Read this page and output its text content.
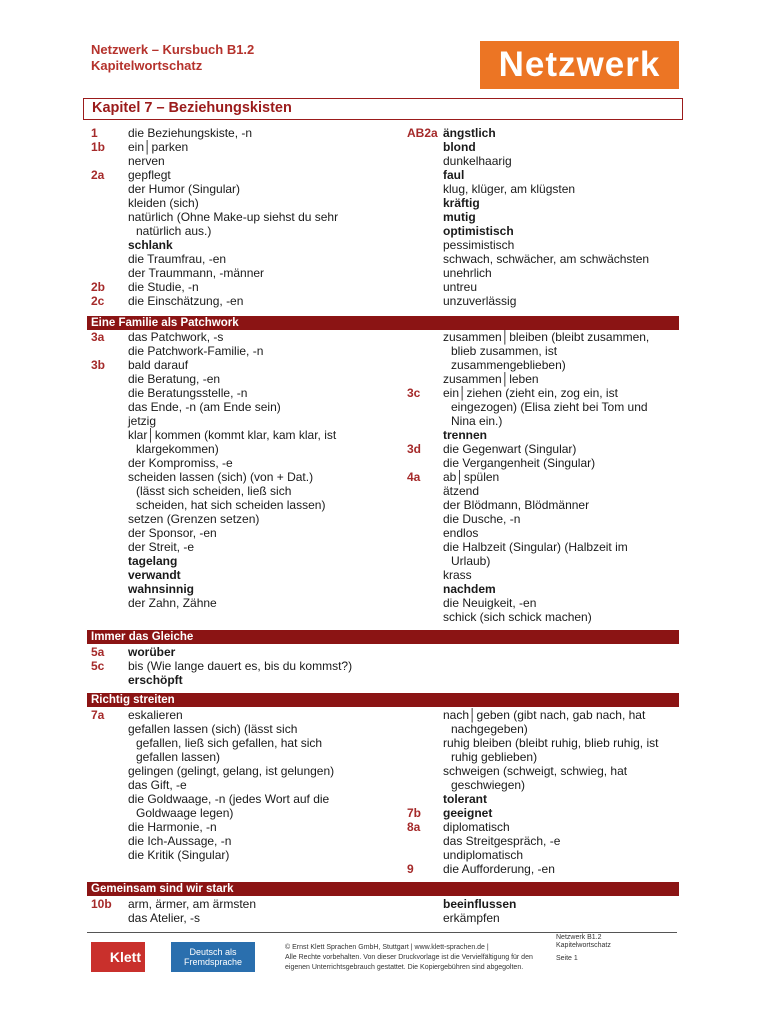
Netzwerk – Kursbuch B1.2
Kapitelwortschatz	Netzwerk
Kapitel 7 – Beziehungskisten
Eine Familie als Patchwork
Immer das Gleiche
Richtig streiten
Gemeinsam sind wir stark
1	die Beziehungskiste, -n
1b ein│parken
nerven
2a gepflegt
der Humor (Singular)
kleiden (sich)
natürlich (Ohne Make-up siehst du sehr
natürlich aus.)
schlank
die Traumfrau, -en
der Traummann, -männer
2b die Studie, -n
2c die Einschätzung, -en
AB2a ängstlich
blond
dunkelhaarig
faul
klug, klüger, am klügsten
kräftig
mutig
optimistisch
pessimistisch
schwach, schwächer, am schwächsten
unehrlich
untreu
unzuverlässig
3a das Patchwork, -s
die Patchwork-Familie, -n
3b bald darauf
die Beratung, -en
die Beratungsstelle, -n
das Ende, -n (am Ende sein)
jetzig
klar│kommen (kommt klar, kam klar, ist
klargekommen)
der Kompromiss, -e
scheiden lassen (sich) (von + Dat.)
(lässt sich scheiden, ließ sich
scheiden, hat sich scheiden lassen)
setzen (Grenzen setzen)
der Sponsor, -en
der Streit, -e
tagelang
verwandt
wahnsinnig
der Zahn, Zähne
zusammen│bleiben (bleibt zusammen,
blieb zusammen, ist
zusammengeblieben)
zusammen│leben
3c ein│ziehen (zieht ein, zog ein, ist
eingezogen) (Elisa zieht bei Tom und
Nina ein.)
trennen
3d die Gegenwart (Singular)
die Vergangenheit (Singular)
4a ab│spülen
ätzend
der Blödmann, Blödmänner
die Dusche, -n
endlos
die Halbzeit (Singular) (Halbzeit im
Urlaub)
krass
nachdem
die Neuigkeit, -en
schick (sich schick machen)
5a worüber
5c bis (Wie lange dauert es, bis du kommst?)
erschöpft
7a eskalieren
gefallen lassen (sich) (lässt sich
gefallen, ließ sich gefallen, hat sich
gefallen lassen)
gelingen (gelingt, gelang, ist gelungen)
das Gift, -e
die Goldwaage, -n (jedes Wort auf die
Goldwaage legen)
die Harmonie, -n
die Ich-Aussage, -n
die Kritik (Singular)
nach│geben (gibt nach, gab nach, hat
nachgegeben)
ruhig bleiben (bleibt ruhig, blieb ruhig, ist
ruhig geblieben)
schweigen (schweigt, schwieg, hat
geschwiegen)
tolerant
7b geeignet
8a diplomatisch
das Streitgespräch, -e
undiplomatisch
9 die Aufforderung, -en
10b arm, ärmer, am ärmsten
das Atelier, -s
beeinflussen
erkämpfen
Klett	Deutsch als Fremdsprache
© Ernst Klett Sprachen GmbH, Stuttgart | www.klett-sprachen.de |
Alle Rechte vorbehalten. Von dieser Druckvorlage ist die Vervielfältigung für den
eigenen Unterrichtsgebrauch gestattet. Die Kopiergebühren sind abgegolten.
Netzwerk B1.2
Kapitelwortschatz
Seite 1
